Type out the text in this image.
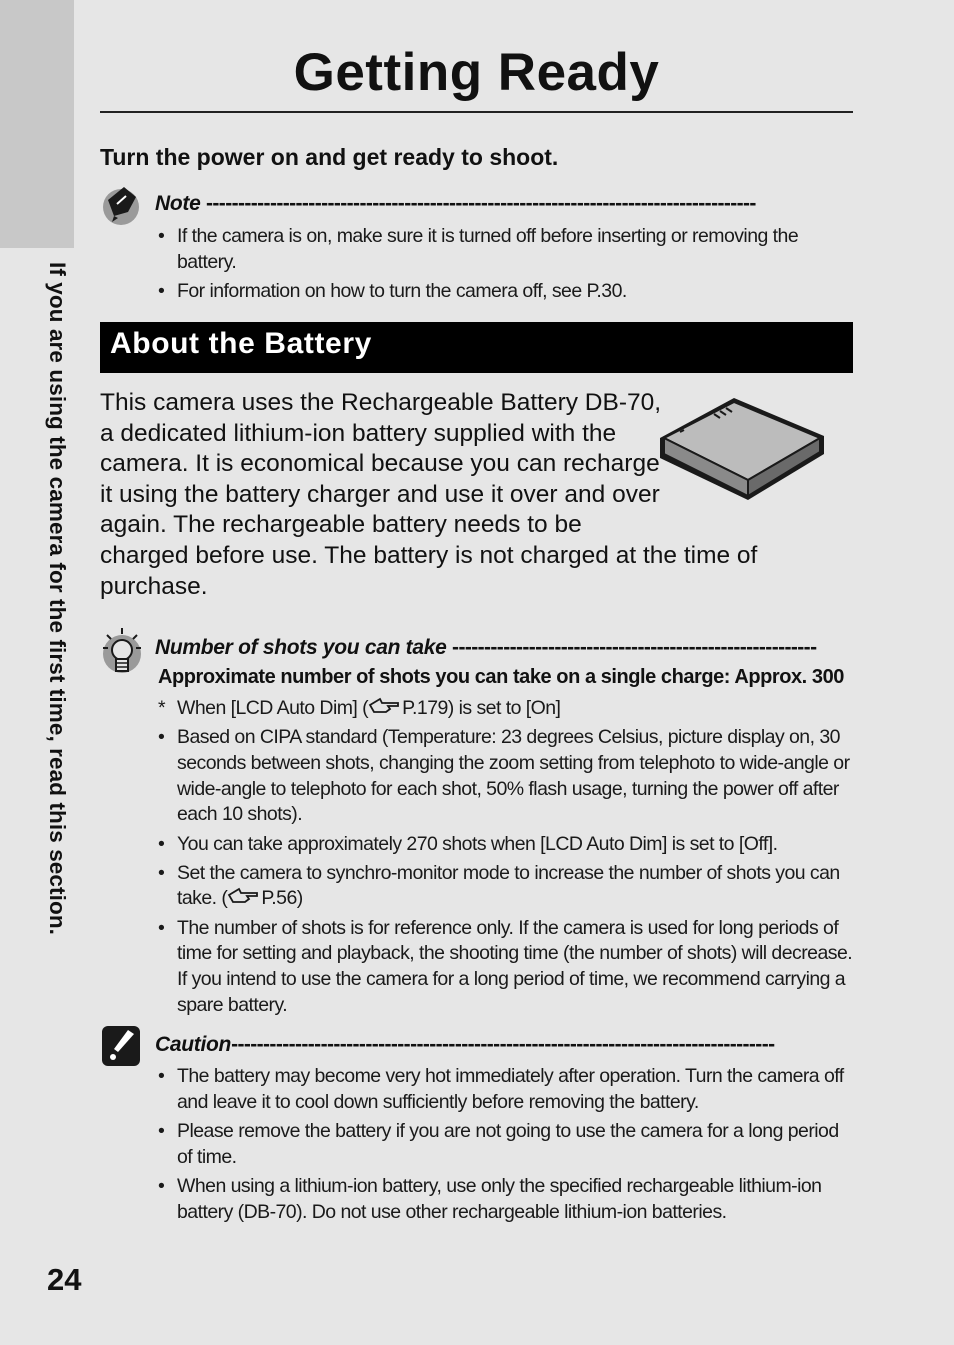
If you are using the camera for the first time, read this section.
24
Getting Ready
Turn the power on and get ready to shoot.
Note --------------------------------------------------------------------------------------
• If the camera is on, make sure it is turned off before inserting or removing the battery.
• For information on how to turn the camera off, see P.30.
About the Battery
This camera uses the Rechargeable Battery DB-70, a dedicated lithium-ion battery supplied with the camera. It is economical because you can recharge it using the battery charger and use it over and over again. The rechargeable battery needs to be charged before use. The battery is not charged at the time of purchase.
Number of shots you can take ---------------------------------------------------------
Approximate number of shots you can take on a single charge: Approx. 300
* When [LCD Auto Dim] ( P.179) is set to [On]
• Based on CIPA standard (Temperature: 23 degrees Celsius, picture display on, 30 seconds between shots, changing the zoom setting from telephoto to wide-angle or wide-angle to telephoto for each shot, 50% flash usage, turning the power off after each 10 shots).
• You can take approximately 270 shots when [LCD Auto Dim] is set to [Off].
• Set the camera to synchro-monitor mode to increase the number of shots you can take. ( P.56)
• The number of shots is for reference only. If the camera is used for long periods of time for setting and playback, the shooting time (the number of shots) will decrease. If you intend to use the camera for a long period of time, we recommend carrying a spare battery.
Caution-------------------------------------------------------------------------------------
• The battery may become very hot immediately after operation. Turn the camera off and leave it to cool down sufficiently before removing the battery.
• Please remove the battery if you are not going to use the camera for a long period of time.
• When using a lithium-ion battery, use only the specified rechargeable lithium-ion battery (DB-70). Do not use other rechargeable lithium-ion batteries.
